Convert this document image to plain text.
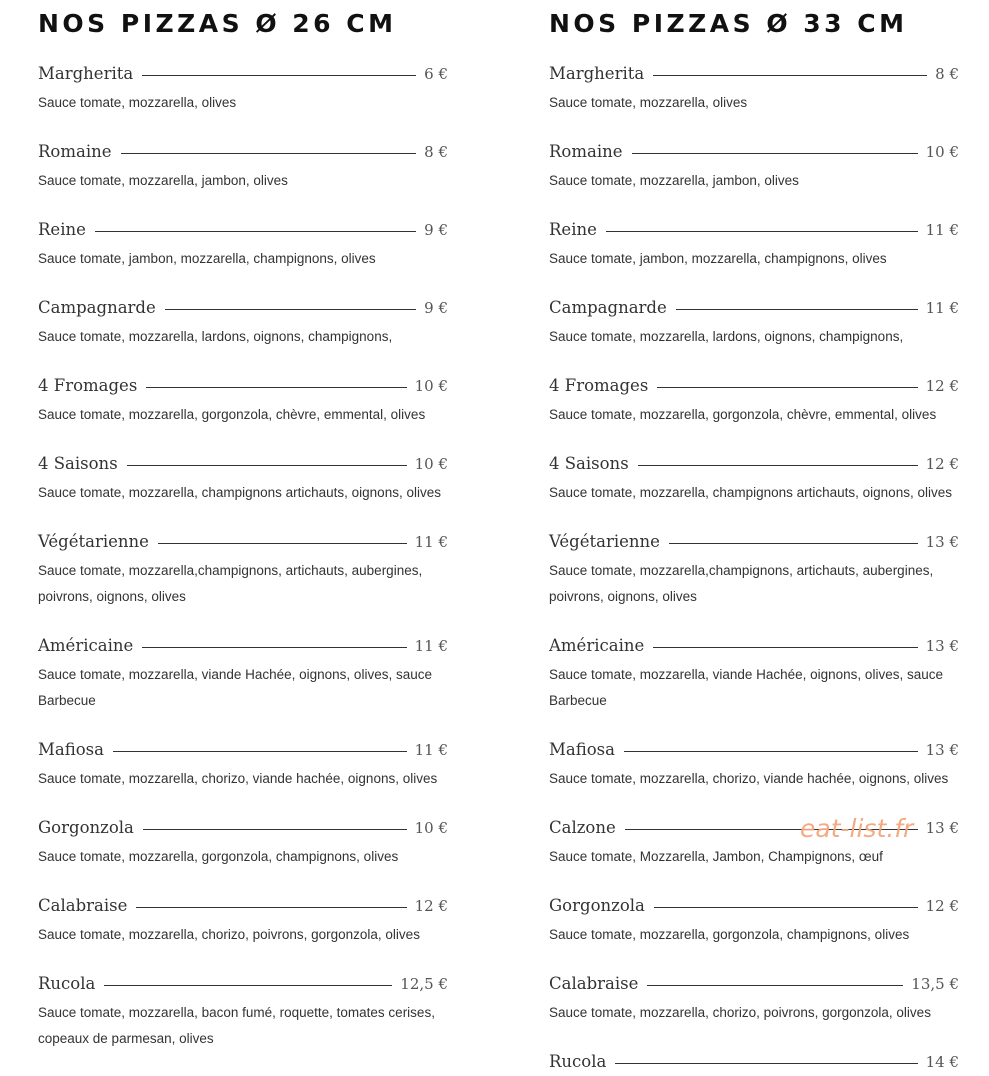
NOS PIZZAS Ø 26 CM
Margherita	6 €
Sauce tomate, mozzarella, olives
Romaine	8 €
Sauce tomate, mozzarella, jambon, olives
Reine	9 €
Sauce tomate, jambon, mozzarella, champignons, olives
Campagnarde	9 €
Sauce tomate, mozzarella, lardons, oignons, champignons,
4 Fromages	10 €
Sauce tomate, mozzarella, gorgonzola, chèvre, emmental, olives
4 Saisons	10 €
Sauce tomate, mozzarella, champignons artichauts, oignons, olives
Végétarienne	11 €
Sauce tomate, mozzarella,champignons, artichauts, aubergines, poivrons, oignons, olives
Américaine	11 €
Sauce tomate, mozzarella, viande Hachée, oignons, olives, sauce Barbecue
Mafiosa	11 €
Sauce tomate, mozzarella, chorizo, viande hachée, oignons, olives
Gorgonzola	10 €
Sauce tomate, mozzarella, gorgonzola, champignons, olives
Calabraise	12 €
Sauce tomate, mozzarella, chorizo, poivrons, gorgonzola, olives
Rucola	12,5 €
Sauce tomate, mozzarella, bacon fumé, roquette, tomates cerises, copeaux de parmesan, olives
NOS PIZZAS Ø 33 CM
Margherita	8 €
Sauce tomate, mozzarella, olives
Romaine	10 €
Sauce tomate, mozzarella, jambon, olives
Reine	11 €
Sauce tomate, jambon, mozzarella, champignons, olives
Campagnarde	11 €
Sauce tomate, mozzarella, lardons, oignons, champignons,
4 Fromages	12 €
Sauce tomate, mozzarella, gorgonzola, chèvre, emmental, olives
4 Saisons	12 €
Sauce tomate, mozzarella, champignons artichauts, oignons, olives
Végétarienne	13 €
Sauce tomate, mozzarella,champignons, artichauts, aubergines, poivrons, oignons, olives
Américaine	13 €
Sauce tomate, mozzarella, viande Hachée, oignons, olives, sauce Barbecue
Mafiosa	13 €
Sauce tomate, mozzarella, chorizo, viande hachée, oignons, olives
Calzone	13 €
Sauce tomate, Mozzarella, Jambon, Champignons, œuf
Gorgonzola	12 €
Sauce tomate, mozzarella, gorgonzola, champignons, olives
Calabraise	13,5 €
Sauce tomate, mozzarella, chorizo, poivrons, gorgonzola, olives
Rucola	14 €
eat-list.fr
